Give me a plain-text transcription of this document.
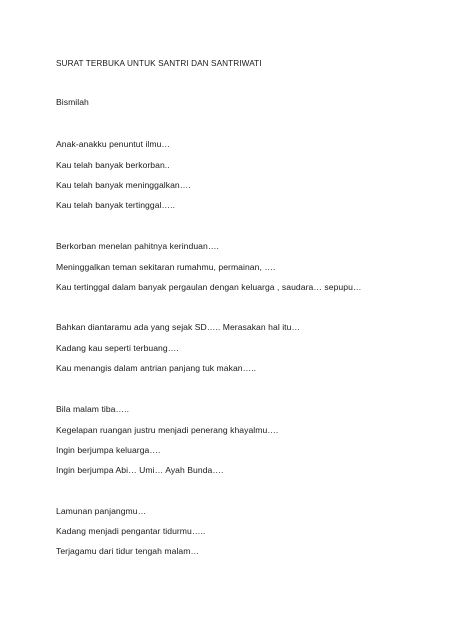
SURAT TERBUKA UNTUK SANTRI DAN SANTRIWATI
Bismilah
Anak-anakku penuntut ilmu…
Kau telah banyak berkorban..
Kau telah banyak meninggalkan….
Kau telah banyak tertinggal…..
Berkorban menelan pahitnya kerinduan….
Meninggalkan teman sekitaran rumahmu, permainan, ….
Kau tertinggal dalam banyak pergaulan dengan keluarga , saudara… sepupu…
Bahkan diantaramu ada yang sejak SD….. Merasakan hal itu…
Kadang kau seperti terbuang….
Kau menangis dalam antrian panjang tuk makan…..
Bila malam tiba…..
Kegelapan ruangan justru menjadi penerang khayalmu….
Ingin berjumpa keluarga….
Ingin berjumpa Abi… Umi… Ayah Bunda….
Lamunan panjangmu…
Kadang menjadi pengantar tidurmu…..
Terjagamu dari tidur tengah malam…
